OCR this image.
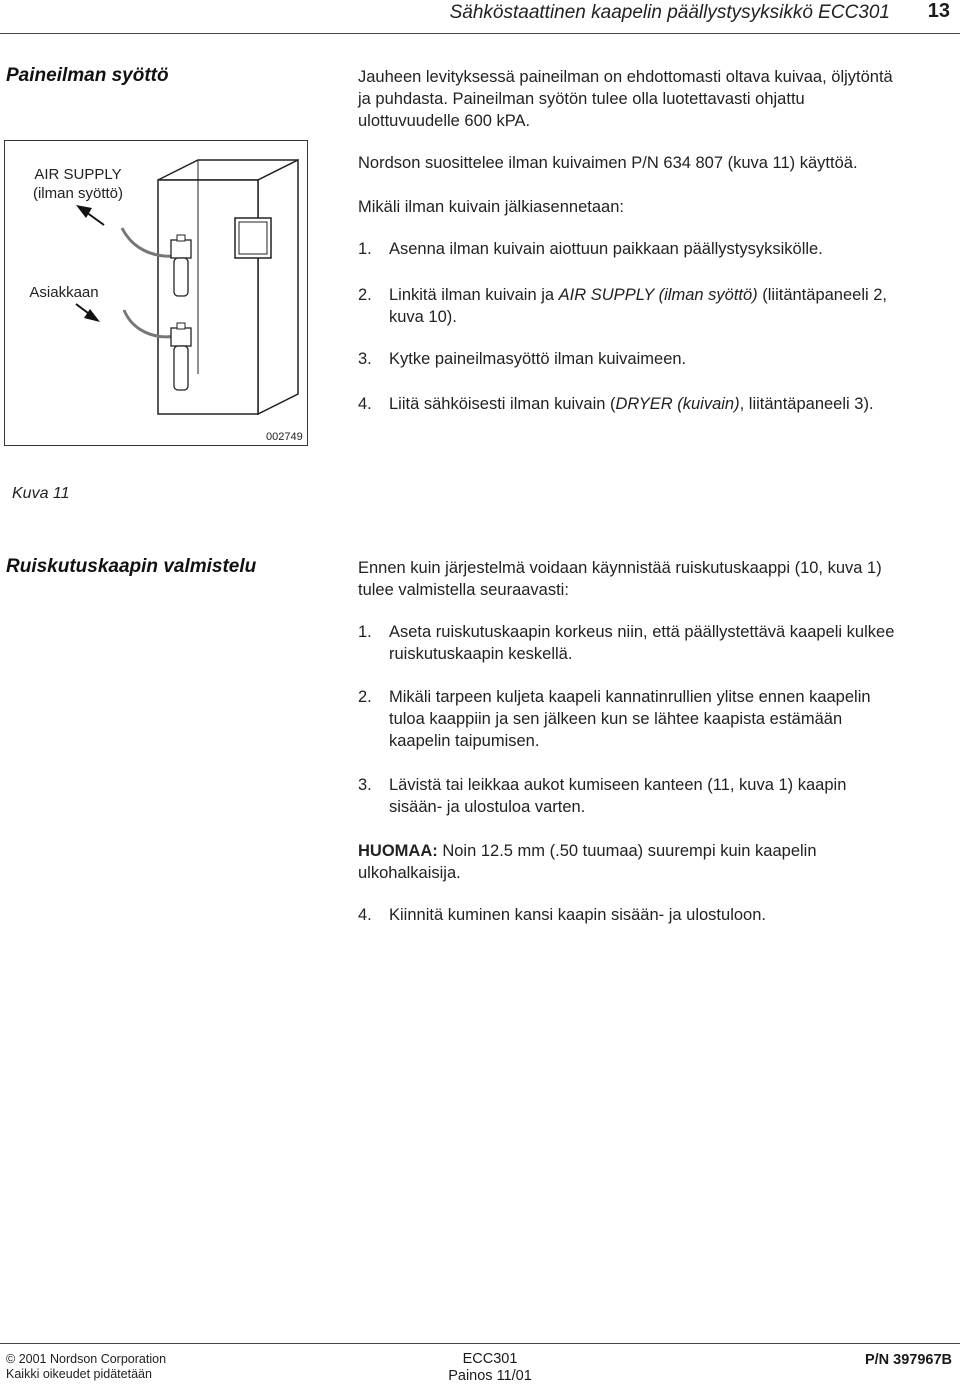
Sähköstaattinen kaapelin päällystysyksikkö ECC301 13
Paineilman syöttö	Jauheen levityksessä paineilman on ehdottomasti oltava kuivaa, öljytöntä
ja puhdasta. Paineilman syötön tulee olla luotettavasti ohjattu
ulottuvuudelle 600 kPA.
Nordson suosittelee ilman kuivaimen P/N 634 807 (kuva 11) käyttöä.
Mikäli ilman kuivain jälkiasennetaan:
1. Asenna ilman kuivain aiottuun paikkaan päällystysyksikölle.
2. Linkitä ilman kuivain ja AIR SUPPLY (ilman syöttö) (liitäntäpaneeli 2,
kuva 10).
3. Kytke paineilmasyöttö ilman kuivaimeen.
4. Liitä sähköisesti ilman kuivain (DRYER (kuivain), liitäntäpaneeli 3).
AIR SUPPLY
(ilman syöttö)
Asiakkaan
002749
Kuva 11
Ruiskutuskaapin valmistelu	Ennen kuin järjestelmä voidaan käynnistää ruiskutuskaappi (10, kuva 1)
tulee valmistella seuraavasti:
1. Aseta ruiskutuskaapin korkeus niin, että päällystettävä kaapeli kulkee
ruiskutuskaapin keskellä.
2. Mikäli tarpeen kuljeta kaapeli kannatinrullien ylitse ennen kaapelin
tuloa kaappiin ja sen jälkeen kun se lähtee kaapista estämään
kaapelin taipumisen.
3. Lävistä tai leikkaa aukot kumiseen kanteen (11, kuva 1) kaapin
sisään- ja ulostuloa varten.
HUOMAA: Noin 12.5 mm (.50 tuumaa) suurempi kuin kaapelin
ulkohalkaisija.
4. Kiinnitä kuminen kansi kaapin sisään- ja ulostuloon.
© 2001 Nordson Corporation
Kaikki oikeudet pidätetään
ECC301
Painos 11/01
P/N 397967B
